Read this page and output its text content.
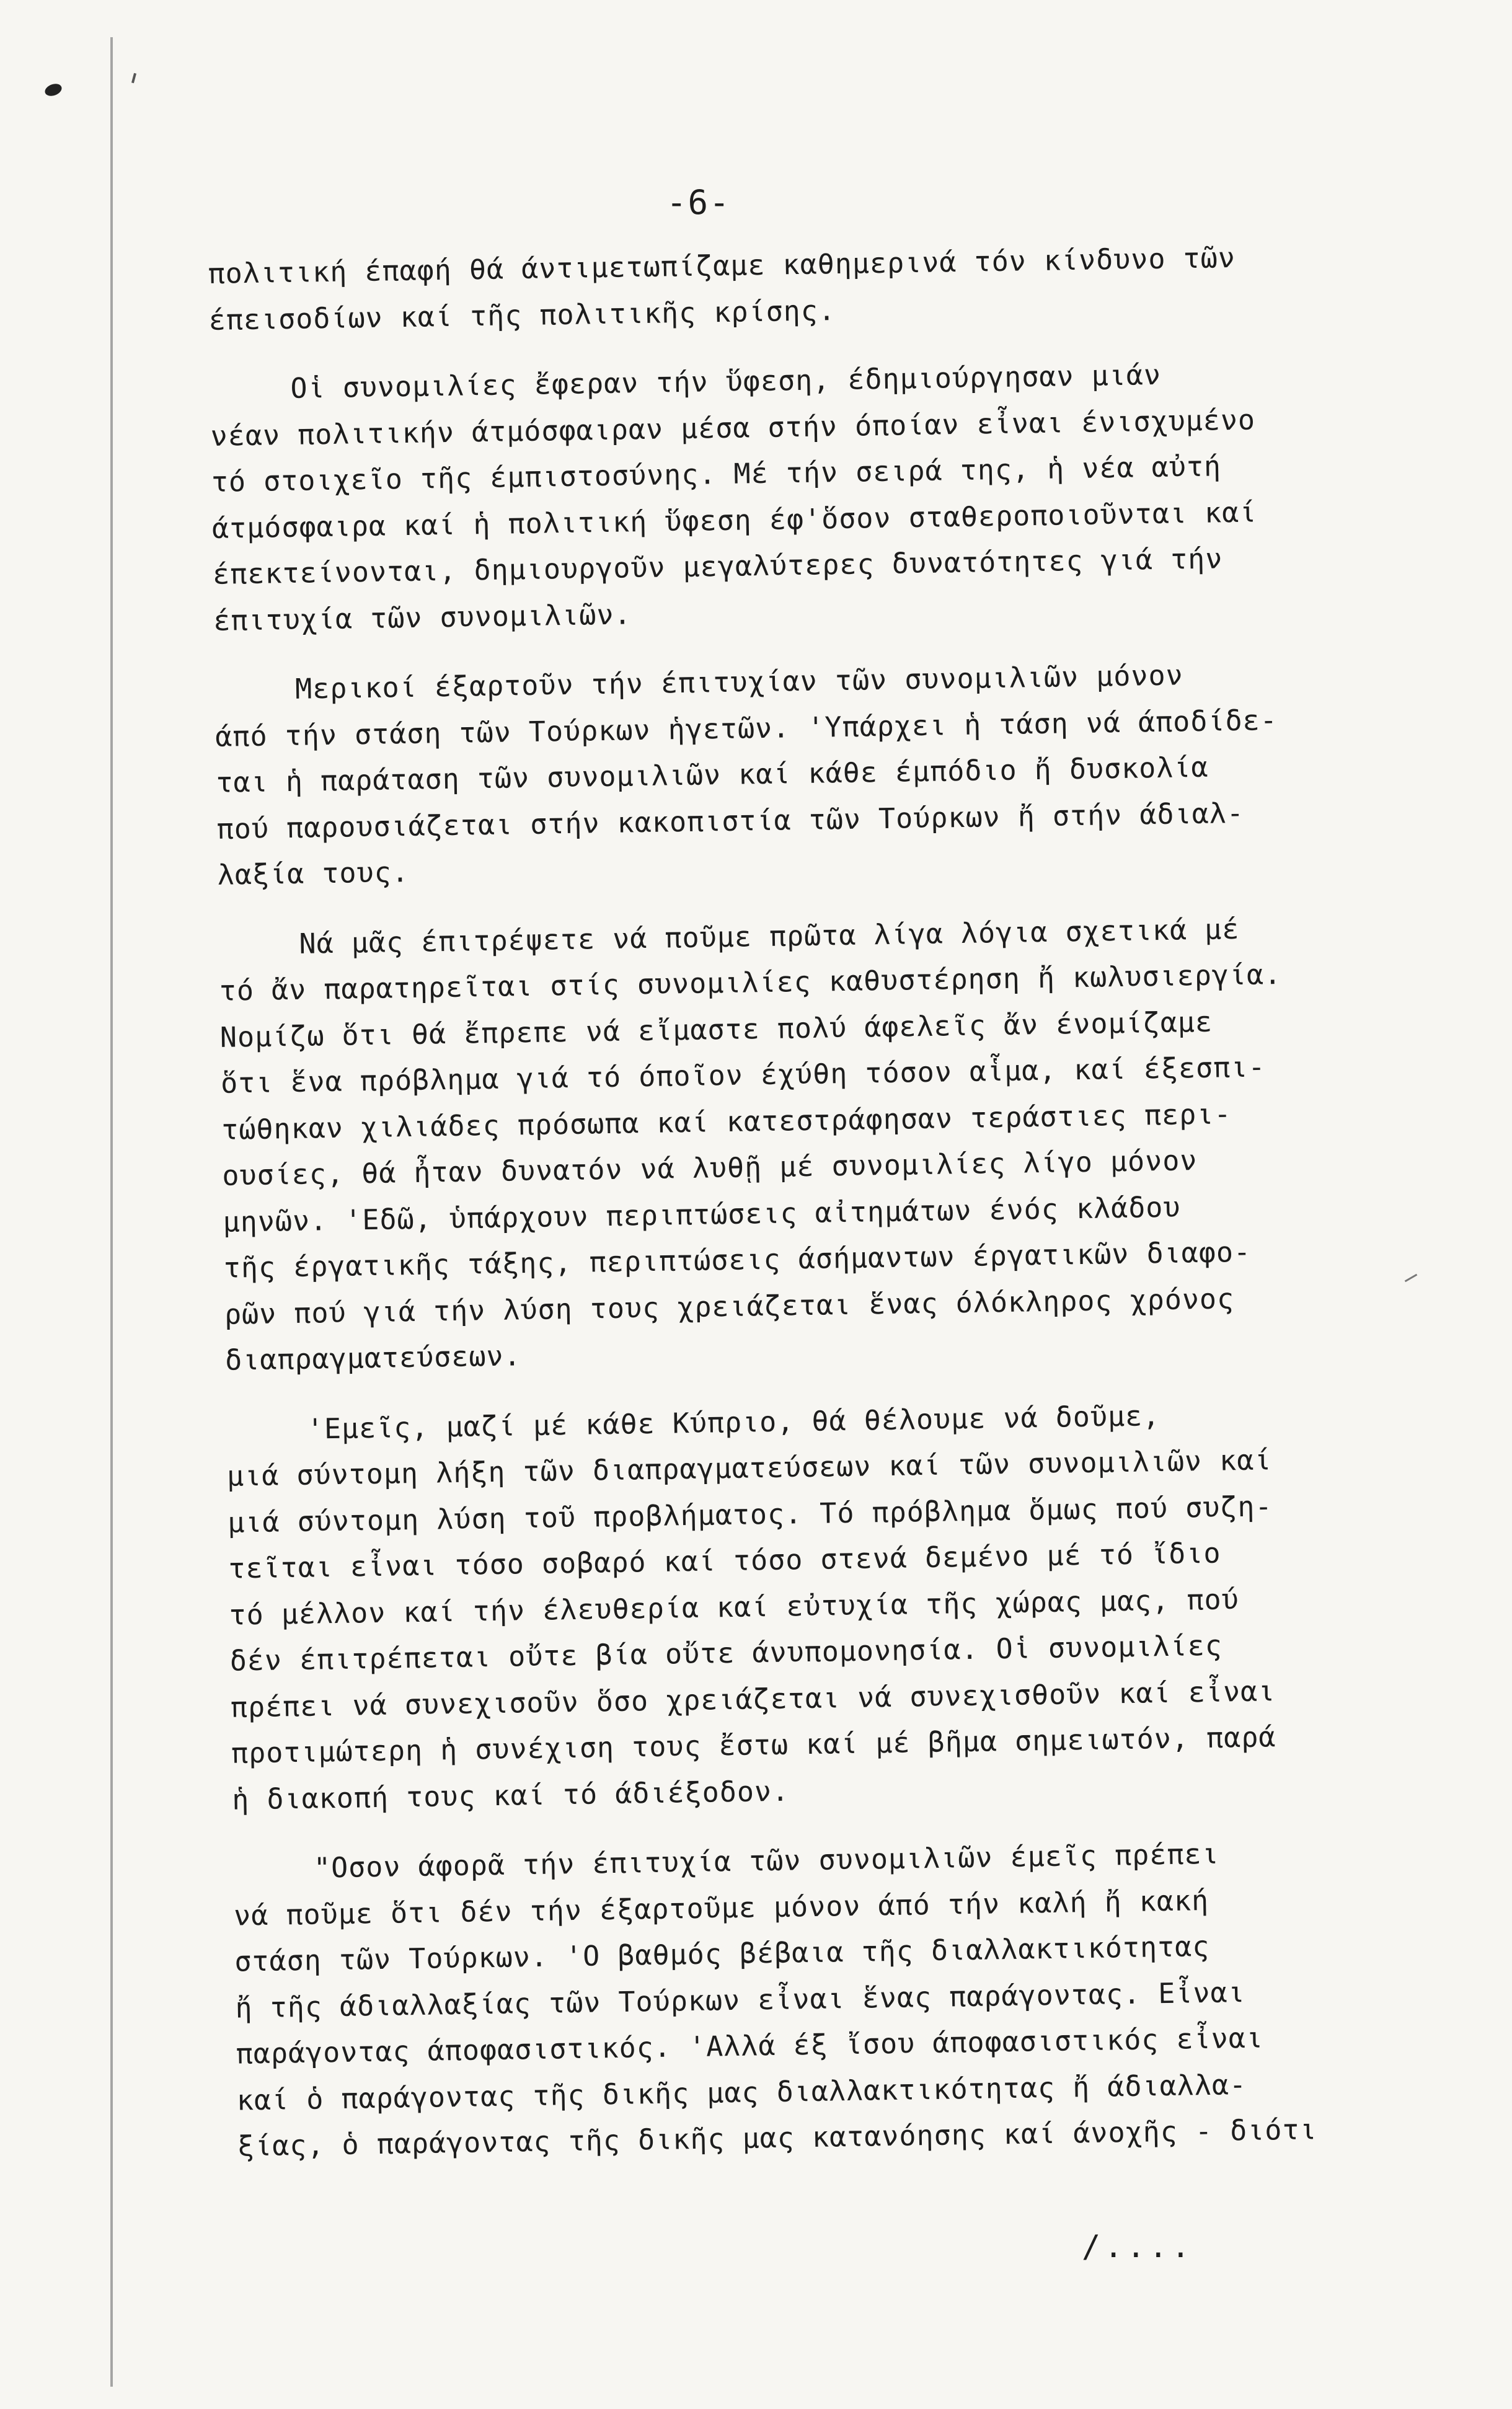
-6-
πολιτική έπαφή θά άντιμετωπίζαμε καθημερινά τόν κίνδυνο τῶν
έπεισοδίων καί τῆς πολιτικῆς κρίσης.
Οἱ συνομιλίες ἔφεραν τήν ὕφεση, έδημιούργησαν μιάν
νέαν πολιτικήν άτμόσφαιραν μέσα στήν όποίαν εἶναι ένισχυμένο
τό στοιχεῖο τῆς έμπιστοσύνης. Μέ τήν σειρά της, ἡ νέα αὐτή
άτμόσφαιρα καί ἡ πολιτική ὕφεση έφ'ὅσον σταθεροποιοῦνται καί
έπεκτείνονται, δημιουργοῦν μεγαλύτερες δυνατότητες γιά τήν
έπιτυχία τῶν συνομιλιῶν.
Μερικοί έξαρτοῦν τήν έπιτυχίαν τῶν συνομιλιῶν μόνον
άπό τήν στάση τῶν Τούρκων ἡγετῶν. 'Υπάρχει ἡ τάση νά άποδίδε-
ται ἡ παράταση τῶν συνομιλιῶν καί κάθε έμπόδιο ἤ δυσκολία
πού παρουσιάζεται στήν κακοπιστία τῶν Τούρκων ἤ στήν άδιαλ-
λαξία τους.
Νά μᾶς έπιτρέψετε νά ποῦμε πρῶτα λίγα λόγια σχετικά μέ
τό ἄν παρατηρεῖται στίς συνομιλίες καθυστέρηση ἤ κωλυσιεργία.
Νομίζω ὅτι θά ἔπρεπε νά εἴμαστε πολύ άφελεῖς ἄν ένομίζαμε
ὅτι ἕνα πρόβλημα γιά τό όποῖον έχύθη τόσον αἷμα, καί έξεσπι-
τώθηκαν χιλιάδες πρόσωπα καί κατεστράφησαν τεράστιες περι-
ουσίες, θά ἦταν δυνατόν νά λυθῇ μέ συνομιλίες λίγο μόνον
μηνῶν. 'Εδῶ, ὑπάρχουν περιπτώσεις αἰτημάτων ένός κλάδου
τῆς έργατικῆς τάξης, περιπτώσεις άσήμαντων έργατικῶν διαφο-
ρῶν πού γιά τήν λύση τους χρειάζεται ἕνας όλόκληρος χρόνος
διαπραγματεύσεων.
'Εμεῖς, μαζί μέ κάθε Κύπριο, θά θέλουμε νά δοῦμε,
μιά σύντομη λήξη τῶν διαπραγματεύσεων καί τῶν συνομιλιῶν καί
μιά σύντομη λύση τοῦ προβλήματος. Τό πρόβλημα ὅμως πού συζη-
τεῖται εἶναι τόσο σοβαρό καί τόσο στενά δεμένο μέ τό ἴδιο
τό μέλλον καί τήν έλευθερία καί εὐτυχία τῆς χώρας μας, πού
δέν έπιτρέπεται οὔτε βία οὔτε άνυπομονησία. Οἱ συνομιλίες
πρέπει νά συνεχισοῦν ὅσο χρειάζεται νά συνεχισθοῦν καί εἶναι
προτιμώτερη ἡ συνέχιση τους ἔστω καί μέ βῆμα σημειωτόν, παρά
ἡ διακοπή τους καί τό άδιέξοδον.
"Οσον άφορᾶ τήν έπιτυχία τῶν συνομιλιῶν έμεῖς πρέπει
νά ποῦμε ὅτι δέν τήν έξαρτοῦμε μόνον άπό τήν καλή ἤ κακή
στάση τῶν Τούρκων. 'Ο βαθμός βέβαια τῆς διαλλακτικότητας
ἤ τῆς άδιαλλαξίας τῶν Τούρκων εἶναι ἕνας παράγοντας. Εἶναι
παράγοντας άποφασιστικός. 'Αλλά έξ ἴσου άποφασιστικός εἶναι
καί ὁ παράγοντας τῆς δικῆς μας διαλλακτικότητας ἤ άδιαλλα-
ξίας, ὁ παράγοντας τῆς δικῆς μας κατανόησης καί άνοχῆς - διότι
/....
